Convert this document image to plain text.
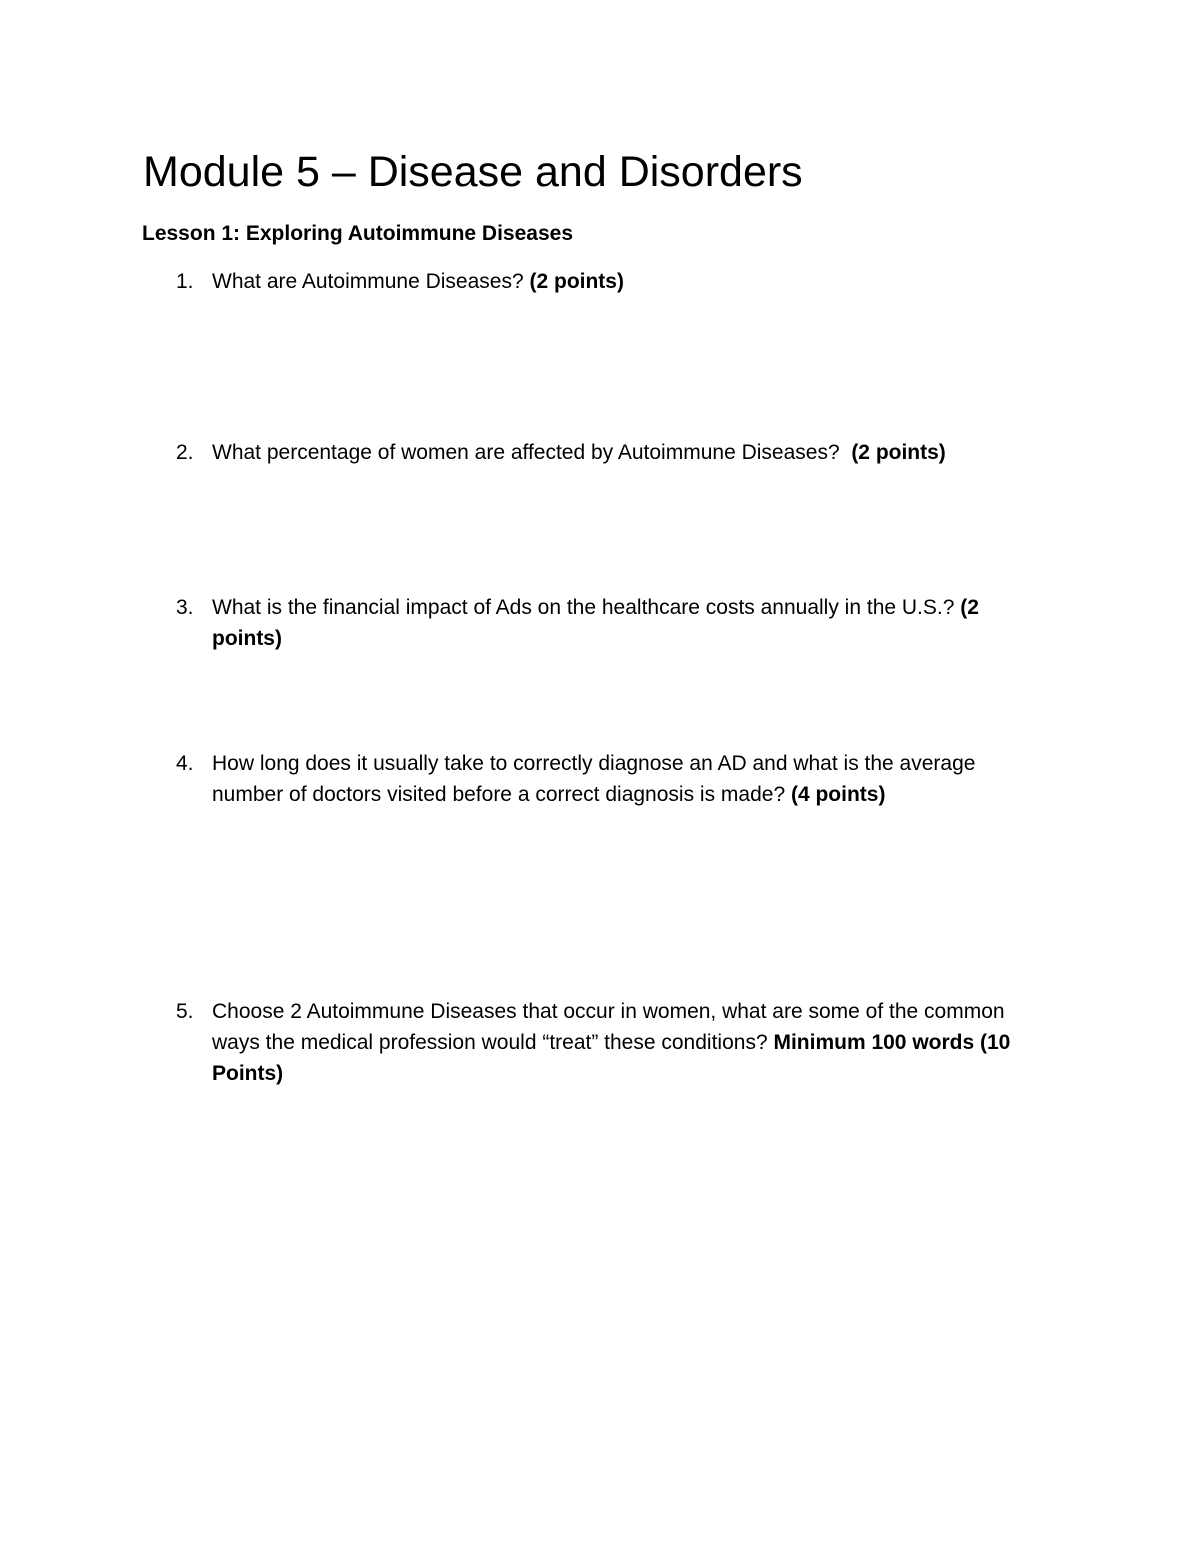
Module 5 – Disease and Disorders
Lesson 1: Exploring Autoimmune Diseases
1. What are Autoimmune Diseases? (2 points)
2. What percentage of women are affected by Autoimmune Diseases?  (2 points)
3. What is the financial impact of Ads on the healthcare costs annually in the U.S.? (2 points)
4. How long does it usually take to correctly diagnose an AD and what is the average number of doctors visited before a correct diagnosis is made? (4 points)
5. Choose 2 Autoimmune Diseases that occur in women, what are some of the common ways the medical profession would “treat” these conditions? Minimum 100 words (10 Points)
